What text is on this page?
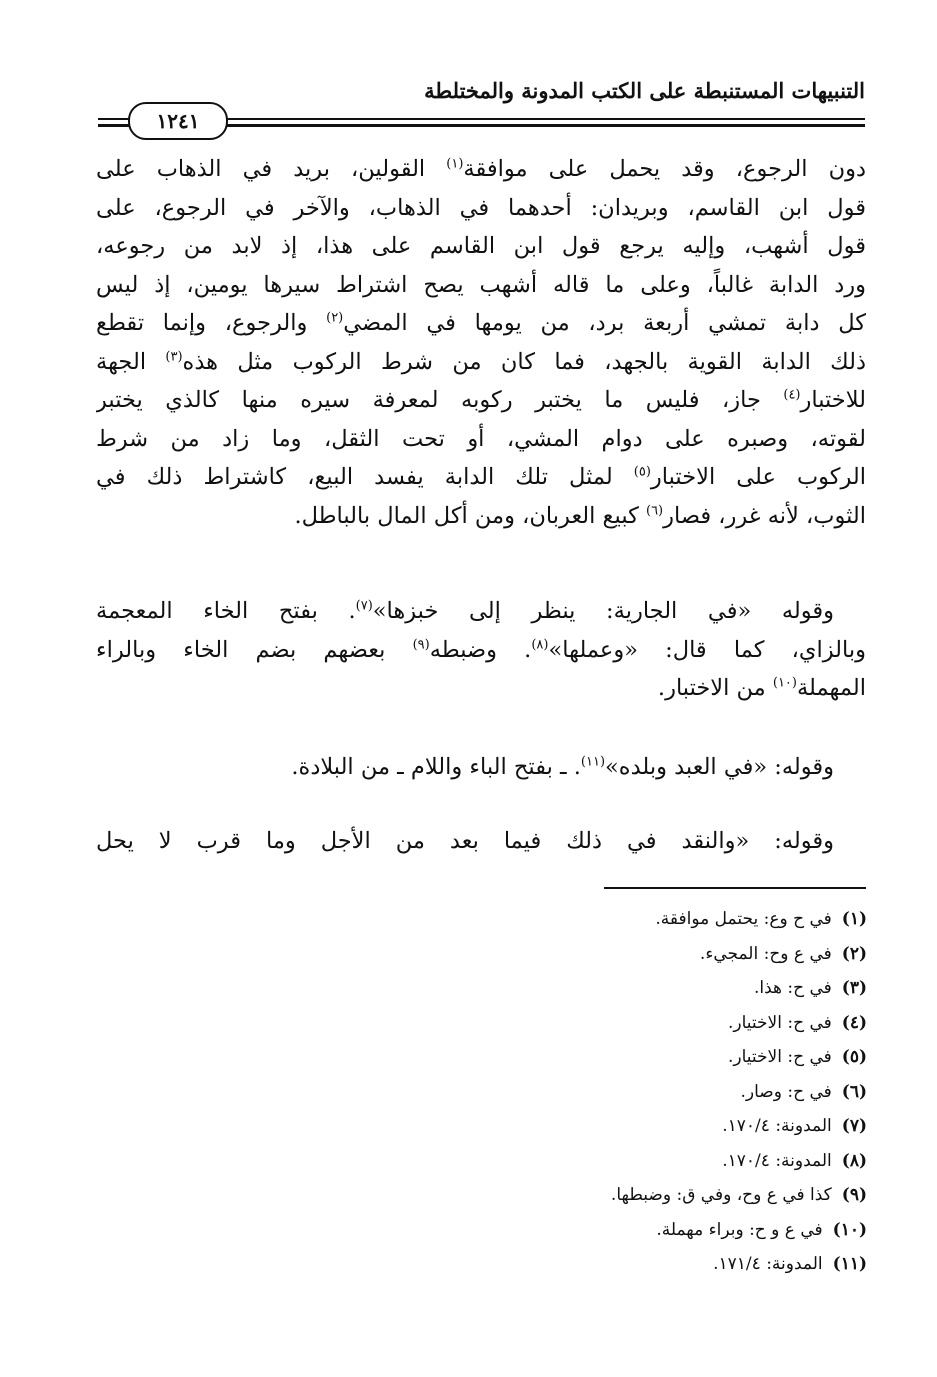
التنبيهات المستنبطة على الكتب المدونة والمختلطة
١٢٤١
دون الرجوع، وقد يحمل على موافقة$^{(١)}$ القولين، بريد في الذهاب على
قول ابن القاسم، وبريدان: أحدهما في الذهاب، والآخر في الرجوع، على
قول أشهب، وإليه يرجع قول ابن القاسم على هذا، إذ لابد من رجوعه،
ورد الدابة غالباً، وعلى ما قاله أشهب يصح اشتراط سيرها يومين، إذ ليس
كل دابة تمشي أربعة برد، من يومها في المضي$^{(٢)}$ والرجوع، وإنما تقطع
ذلك الدابة القوية بالجهد، فما كان من شرط الركوب مثل هذه$^{(٣)}$ الجهة
للاختبار$^{(٤)}$ جاز، فليس ما يختبر ركوبه لمعرفة سيره منها كالذي يختبر
لقوته، وصبره على دوام المشي، أو تحت الثقل، وما زاد من شرط
الركوب على الاختبار$^{(٥)}$ لمثل تلك الدابة يفسد البيع، كاشتراط ذلك في
الثوب، لأنه غرر، فصار$^{(٦)}$ كبيع العربان، ومن أكل المال بالباطل.
وقوله «في الجارية: ينظر إلى خبزها»$^{(٧)}$. بفتح الخاء المعجمة
وبالزاي، كما قال: «وعملها»$^{(٨)}$. وضبطه$^{(٩)}$ بعضهم بضم الخاء وبالراء
المهملة$^{(١٠)}$ من الاختبار.
وقوله: «في العبد وبلده»$^{(١١)}$. ـ بفتح الباء واللام ـ من البلادة.
وقوله: «والنقد في ذلك فيما بعد من الأجل وما قرب لا يحل
(١)في ح وع: يحتمل موافقة.
(٢)في ع وح: المجيء.
(٣)في ح: هذا.
(٤)في ح: الاختيار.
(٥)في ح: الاختيار.
(٦)في ح: وصار.
(٧)المدونة: ١٧٠/٤.
(٨)المدونة: ١٧٠/٤.
(٩)كذا في ع وح، وفي ق: وضبطها.
(١٠)في ع و ح: وبراء مهملة.
(١١)المدونة: ١٧١/٤.
